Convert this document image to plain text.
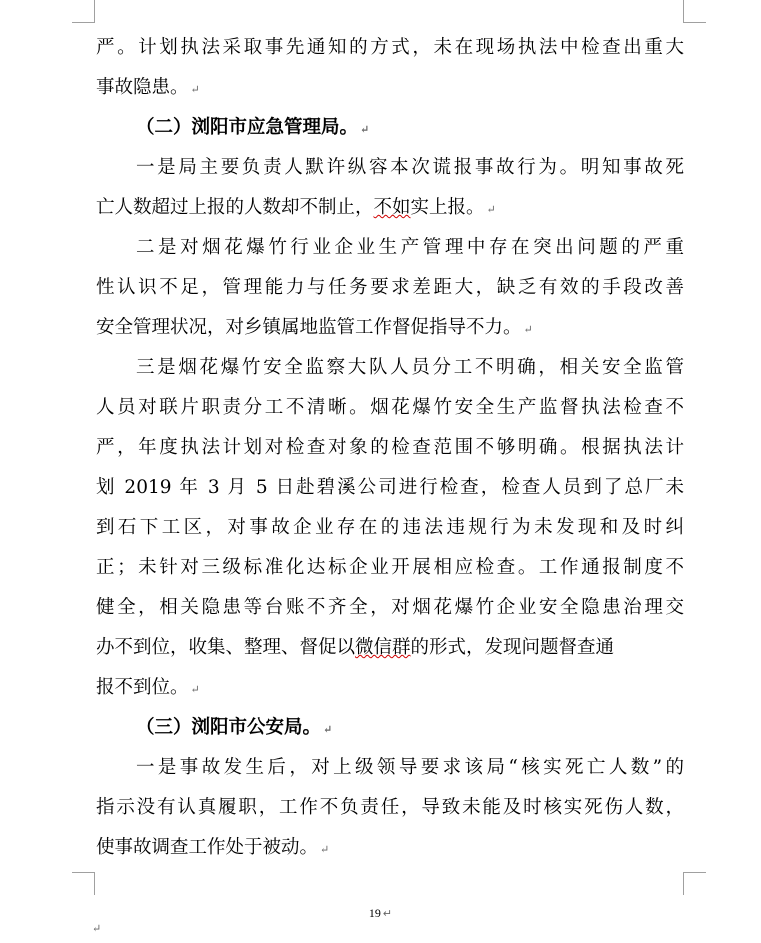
严。计划执法采取事先通知的方式，未在现场执法中检查出重大
事故隐患。 ↵
（二）浏阳市应急管理局。 ↵
一是局主要负责人默许纵容本次谎报事故行为。明知事故死
亡人数超过上报的人数却不制止，不如实上报。 ↵
二是对烟花爆竹行业企业生产管理中存在突出问题的严重
性认识不足，管理能力与任务要求差距大，缺乏有效的手段改善
安全管理状况，对乡镇属地监管工作督促指导不力。 ↵
三是烟花爆竹安全监察大队人员分工不明确，相关安全监管
人员对联片职责分工不清晰。烟花爆竹安全生产监督执法检查不
严，年度执法计划对检查对象的检查范围不够明确。根据执法计
划 2019 年 3 月 5 日赴碧溪公司进行检查，检查人员到了总厂未
到石下工区，对事故企业存在的违法违规行为未发现和及时纠
正；未针对三级标准化达标企业开展相应检查。工作通报制度不
健全，相关隐患等台账不齐全，对烟花爆竹企业安全隐患治理交
办不到位，收集、整理、督促以微信群的形式，发现问题督查通
报不到位。 ↵
（三）浏阳市公安局。 ↵
一是事故发生后，对上级领导要求该局“核实死亡人数”的
指示没有认真履职，工作不负责任，导致未能及时核实死伤人数，
使事故调查工作处于被动。 ↵
19 ↵
↵
